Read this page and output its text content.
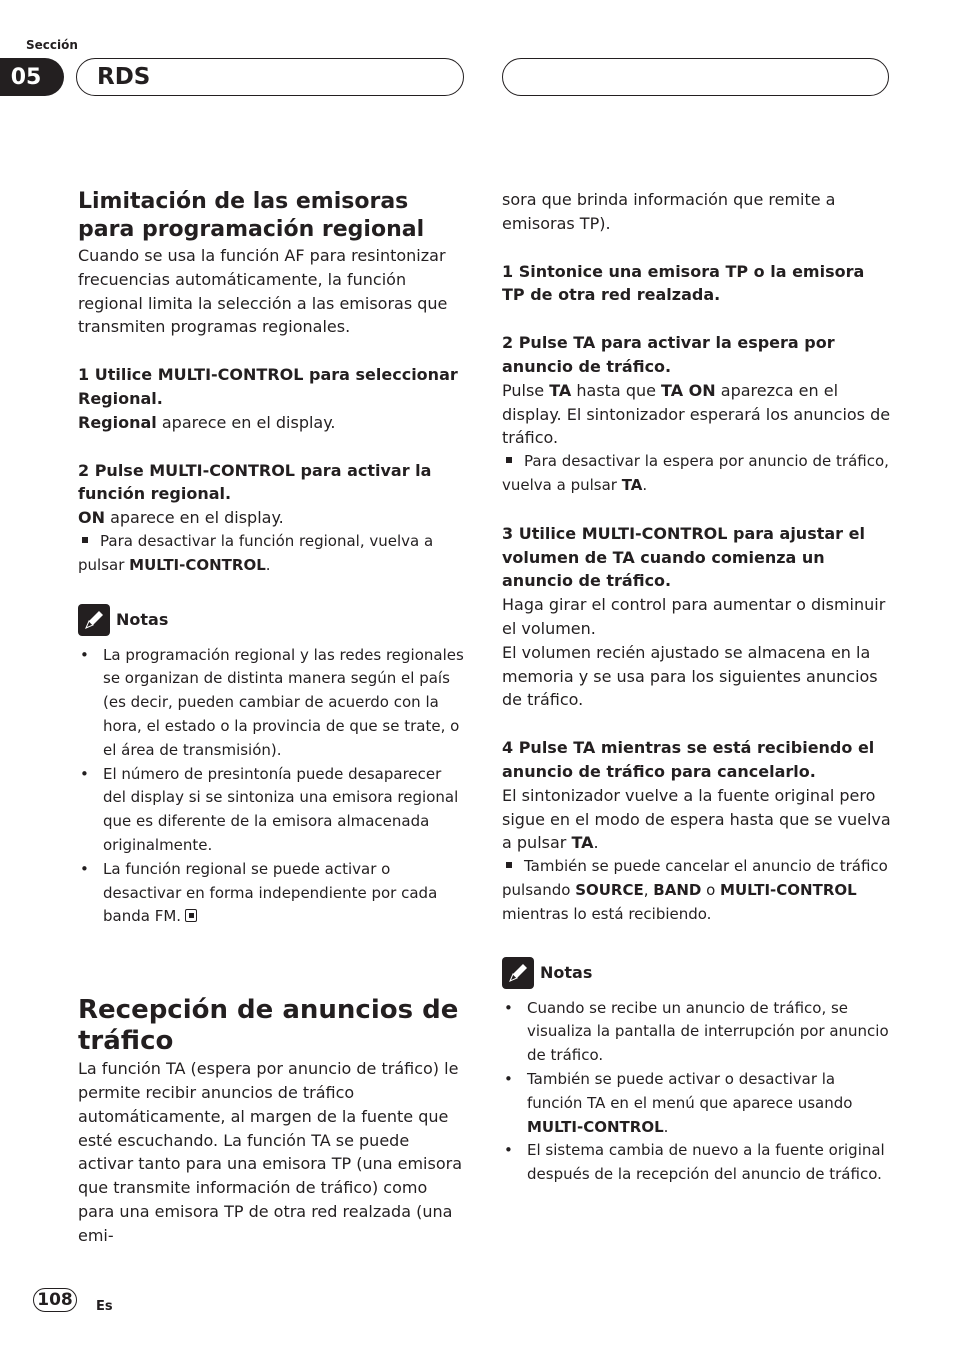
Sección
05	RDS

Limitación de las emisoras para programación regional

Cuando se usa la función AF para resintonizar frecuencias automáticamente, la función regional limita la selección a las emisoras que transmiten programas regionales.

1 Utilice MULTI-CONTROL para seleccionar Regional.

Regional aparece en el display.

2 Pulse MULTI-CONTROL para activar la función regional.

ON aparece en el display.

Para desactivar la función regional, vuelva a pulsar MULTI-CONTROL.

Notas
• La programación regional y las redes regionales se organizan de distinta manera según el país (es decir, pueden cambiar de acuerdo con la hora, el estado o la provincia de que se trate, o el área de transmisión).
• El número de presintonía puede desaparecer del display si se sintoniza una emisora regional que es diferente de la emisora almacenada originalmente.
• La función regional se puede activar o desactivar en forma independiente por cada banda FM.

Recepción de anuncios de tráfico

La función TA (espera por anuncio de tráfico) le permite recibir anuncios de tráfico automáticamente, al margen de la fuente que esté escuchando. La función TA se puede activar tanto para una emisora TP (una emisora que transmite información de tráfico) como para una emisora TP de otra red realzada (una emi-

sora que brinda información que remite a emisoras TP).

1 Sintonice una emisora TP o la emisora TP de otra red realzada.

2 Pulse TA para activar la espera por anuncio de tráfico.

Pulse TA hasta que TA ON aparezca en el display. El sintonizador esperará los anuncios de tráfico.

Para desactivar la espera por anuncio de tráfico, vuelva a pulsar TA.

3 Utilice MULTI-CONTROL para ajustar el volumen de TA cuando comienza un anuncio de tráfico.

Haga girar el control para aumentar o disminuir el volumen.

El volumen recién ajustado se almacena en la memoria y se usa para los siguientes anuncios de tráfico.

4 Pulse TA mientras se está recibiendo el anuncio de tráfico para cancelarlo.

El sintonizador vuelve a la fuente original pero sigue en el modo de espera hasta que se vuelva a pulsar TA.

También se puede cancelar el anuncio de tráfico pulsando SOURCE, BAND o MULTI-CONTROL mientras lo está recibiendo.

Notas
• Cuando se recibe un anuncio de tráfico, se visualiza la pantalla de interrupción por anuncio de tráfico.
• También se puede activar o desactivar la función TA en el menú que aparece usando MULTI-CONTROL.
• El sistema cambia de nuevo a la fuente original después de la recepción del anuncio de tráfico.
108	Es
